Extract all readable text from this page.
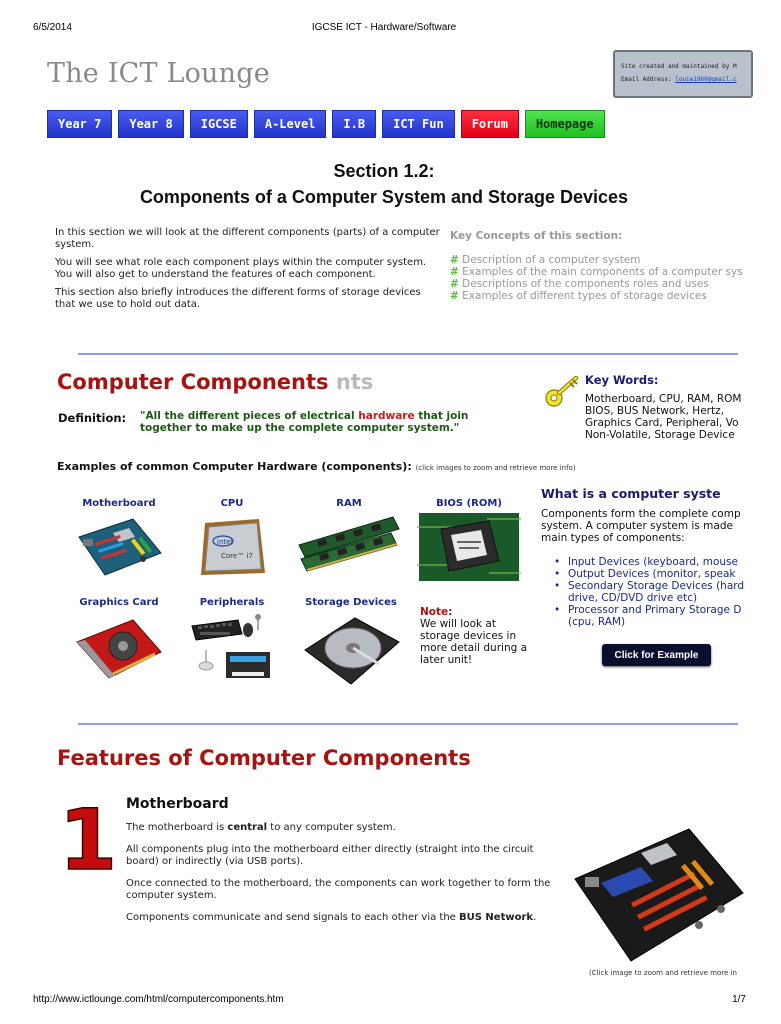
6/5/2014	IGCSE ICT - Hardware/Software
The ICT Lounge	Site created and maintained by M
Email Address: louie1960@gmail.c
Year 7	Year 8	IGCSE	A-Level	I.B	ICT Fun	Forum	Homepage
Section 1.2:
Components of a Computer System and Storage Devices

In this section we will look at the different components (parts) of a computer system.

You will see what role each component plays within the computer system. You will also get to understand the features of each component.

This section also briefly introduces the different forms of storage devices that we use to hold out data.

Key Concepts of this section:
# Description of a computer system
# Examples of the main components of a computer sys
# Descriptions of the components roles and uses
# Examples of different types of storage devices
Computer Components nts	Key Words:
Motherboard, CPU, RAM, ROM
BIOS, BUS Network, Hertz,
Graphics Card, Peripheral, Vo
Non-Volatile, Storage Device
Definition: "All the different pieces of electrical hardware that join together to make up the complete computer system."
Examples of common Computer Hardware (components): (click images to zoom and retrieve more info)
Motherboard	CPU
intel
Core™ i7
RAM	BIOS (ROM)
Graphics Card	Peripherals	Storage Devices
Note:
We will look at storage devices in more detail during a later unit!
What is a computer syste
Components form the complete comp
system. A computer system is made
main types of components:
• Input Devices (keyboard, mouse
• Output Devices (monitor, speak
• Secondary Storage Devices (hard
drive, CD/DVD drive etc)
• Processor and Primary Storage D
(cpu, RAM)
Click for Example
Features of Computer Components
1 Motherboard

The motherboard is central to any computer system.

All components plug into the motherboard either directly (straight into the circuit board) or indirectly (via USB ports).

Once connected to the motherboard, the components can work together to form the computer system.

Components communicate and send signals to each other via the BUS Network.

(Click image to zoom and retrieve more in
http://www.ictlounge.com/html/computercomponents.htm	1/7
